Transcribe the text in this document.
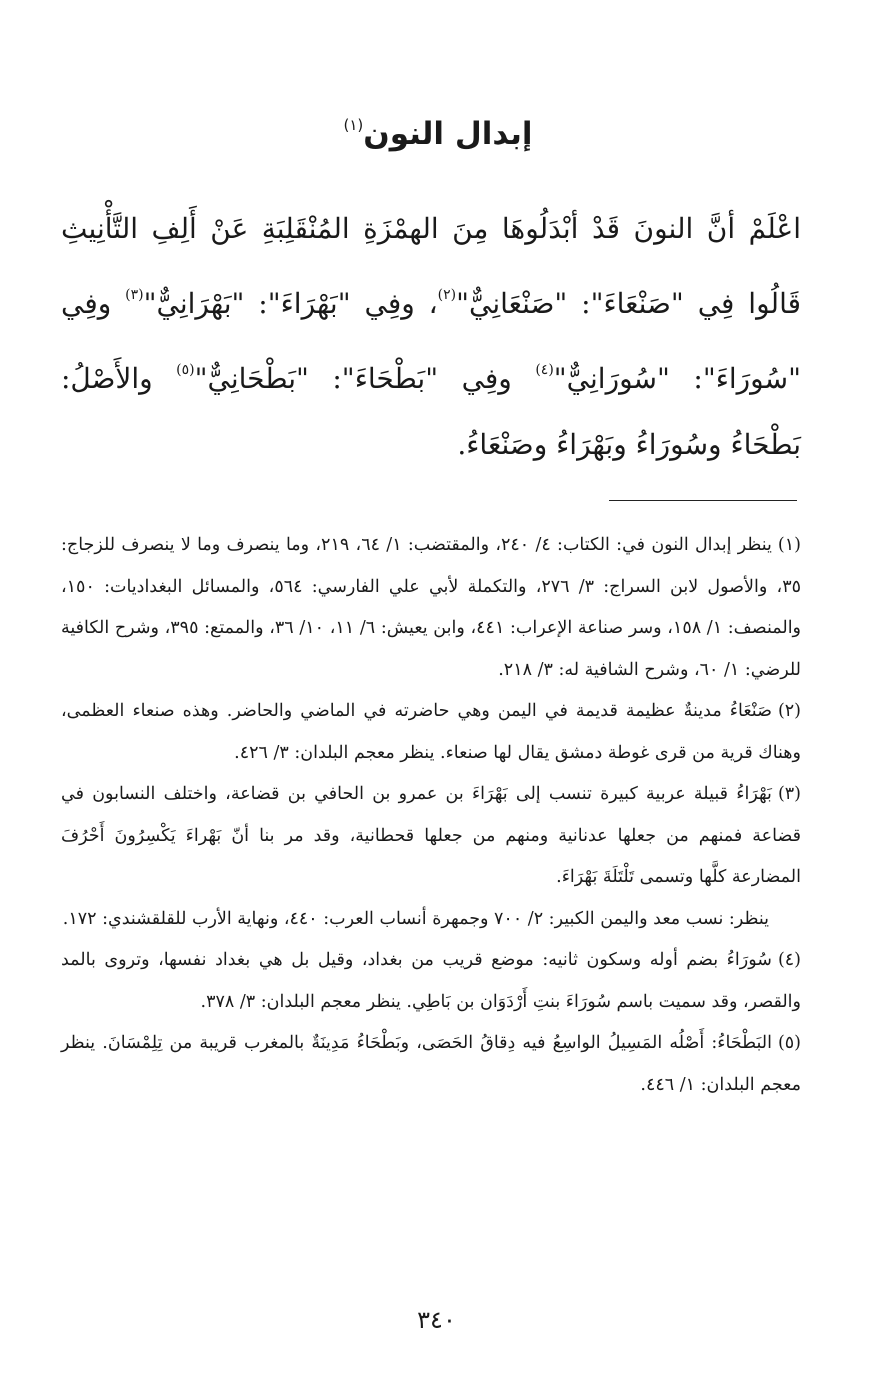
إبدال النون$^{(١)}$

اعْلَمْ أنَّ النونَ قَدْ أبْدَلُوهَا مِنَ الهمْزَةِ المُنْقَلِبَةِ عَنْ أَلِفِ التَّأْنِيثِ قَالُوا فِي "صَنْعَاءَ": "صَنْعَانِيٌّ"$^{(٢)}$، وفِي "بَهْرَاءَ": "بَهْرَانِيٌّ"$^{(٣)}$ وفِي "سُورَاءَ": "سُورَانِيٌّ"$^{(٤)}$ وفِي "بَطْحَاءَ": "بَطْحَانِيٌّ"$^{(٥)}$ والأَصْلُ: بَطْحَاءُ وسُورَاءُ وبَهْرَاءُ وصَنْعَاءُ.

(١)ينظر إبدال النون في: الكتاب: ٤/ ٢٤٠، والمقتضب: ١/ ٦٤، ٢١٩، وما ينصرف وما لا ينصرف للزجاج: ٣٥، والأصول لابن السراج: ٣/ ٢٧٦، والتكملة لأبي علي الفارسي: ٥٦٤، والمسائل البغداديات: ١٥٠، والمنصف: ١/ ١٥٨، وسر صناعة الإعراب: ٤٤١، وابن يعيش: ٦/ ١١، ١٠/ ٣٦، والممتع: ٣٩٥، وشرح الكافية للرضي: ١/ ٦٠، وشرح الشافية له: ٣/ ٢١٨.

(٢)صَنْعَاءُ مدينةٌ عظيمة قديمة في اليمن وهي حاضرته في الماضي والحاضر. وهذه صنعاء العظمى، وهناك قرية من قرى غوطة دمشق يقال لها صنعاء. ينظر معجم البلدان: ٣/ ٤٢٦.

(٣)بَهْرَاءُ قبيلة عربية كبيرة تنسب إلى بَهْرَاءَ بن عمرو بن الحافي بن قضاعة، واختلف النسابون في قضاعة فمنهم من جعلها عدنانية ومنهم من جعلها قحطانية، وقد مر بنا أنّ بَهْراءَ يَكْسِرُونَ أَحْرُفَ المضارعة كلَّها وتسمى تَلْتَلَةَ بَهْرَاءَ.

ينظر: نسب معد واليمن الكبير: ٢/ ٧٠٠ وجمهرة أنساب العرب: ٤٤٠، ونهاية الأرب للقلقشندي: ١٧٢.

(٤)سُورَاءُ بضم أوله وسكون ثانيه: موضع قريب من بغداد، وقيل بل هي بغداد نفسها، وتروى بالمد والقصر، وقد سميت باسم سُورَاءَ بنتِ أَرْدَوَان بن بَاطِي. ينظر معجم البلدان: ٣/ ٣٧٨.

(٥)البَطْحَاءُ: أَصْلُه المَسِيلُ الواسِعُ فيه دِقاقُ الحَصَى، وبَطْحَاءُ مَدِينَةٌ بالمغرب قريبة من تِلِمْسَانَ. ينظر معجم البلدان: ١/ ٤٤٦.

٣٤٠
